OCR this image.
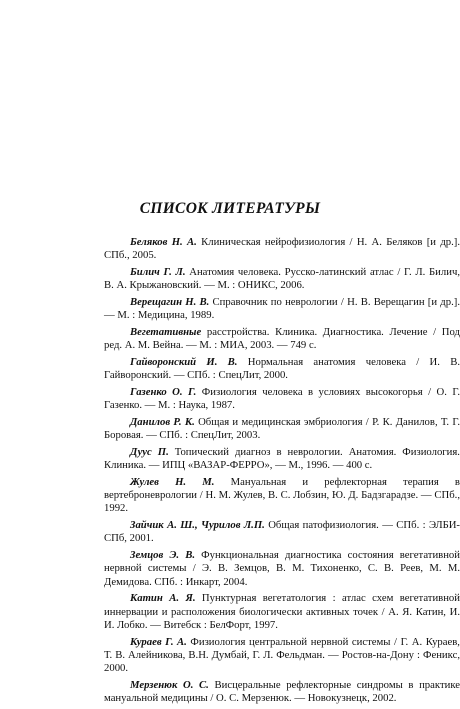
СПИСОК ЛИТЕРАТУРЫ

Беляков Н. А. Клиническая нейрофизиология / Н. А. Беляков [и др.]. СПб., 2005.

Билич Г. Л. Анатомия человека. Русско-латинский атлас / Г. Л. Билич, В. А. Крыжановский. — М. : ОНИКС, 2006.

Верещагин Н. В. Справочник по неврологии / Н. В. Верещагин [и др.]. — М. : Медицина, 1989.

Вегетативные расстройства. Клиника. Диагностика. Лечение / Под ред. А. М. Вейна. — М. : МИА, 2003. — 749 с.

Гайворонский И. В. Нормальная анатомия человека / И. В. Гайворонский. — СПб. : СпецЛит, 2000.

Газенко О. Г. Физиология человека в условиях высокогорья / О. Г. Газенко. — М. : Наука, 1987.

Данилов Р. К. Общая и медицинская эмбриология / Р. К. Данилов, Т. Г. Боровая. — СПб. : СпецЛит, 2003.

Дуус П. Топический диагноз в неврологии. Анатомия. Физиология. Клиника. — ИПЦ «ВАЗАР-ФЕРРО», — М., 1996. — 400 с.

Жулев Н. М. Мануальная и рефлекторная терапия в вертеброневрологии / Н. М. Жулев, В. С. Лобзин, Ю. Д. Бадзгарадзе. — СПб., 1992.

Зайчик А. Ш., Чурилов Л.П. Общая патофизиология. — СПб. : ЭЛБИ-СПб, 2001.

Земцов Э. В. Функциональная диагностика состояния вегетативной нервной системы / Э. В. Земцов, В. М. Тихоненко, С. В. Реев, М. М. Демидова. СПб. : Инкарт, 2004.

Катин А. Я. Пунктурная вегетатология : атлас схем вегетативной иннервации и расположения биологически активных точек / А. Я. Катин, И. И. Лобко. — Витебск : БелФорт, 1997.

Кураев Г. А. Физиология центральной нервной системы / Г. А. Кураев, Т. В. Алейникова, В.Н. Думбай, Г. Л. Фельдман. — Ростов-на-Дону : Феникс, 2000.

Мерзенюк О. С. Висцеральные рефлекторные синдромы в практике мануальной медицины / О. С. Мерзенюк. — Новокузнецк, 2002.
